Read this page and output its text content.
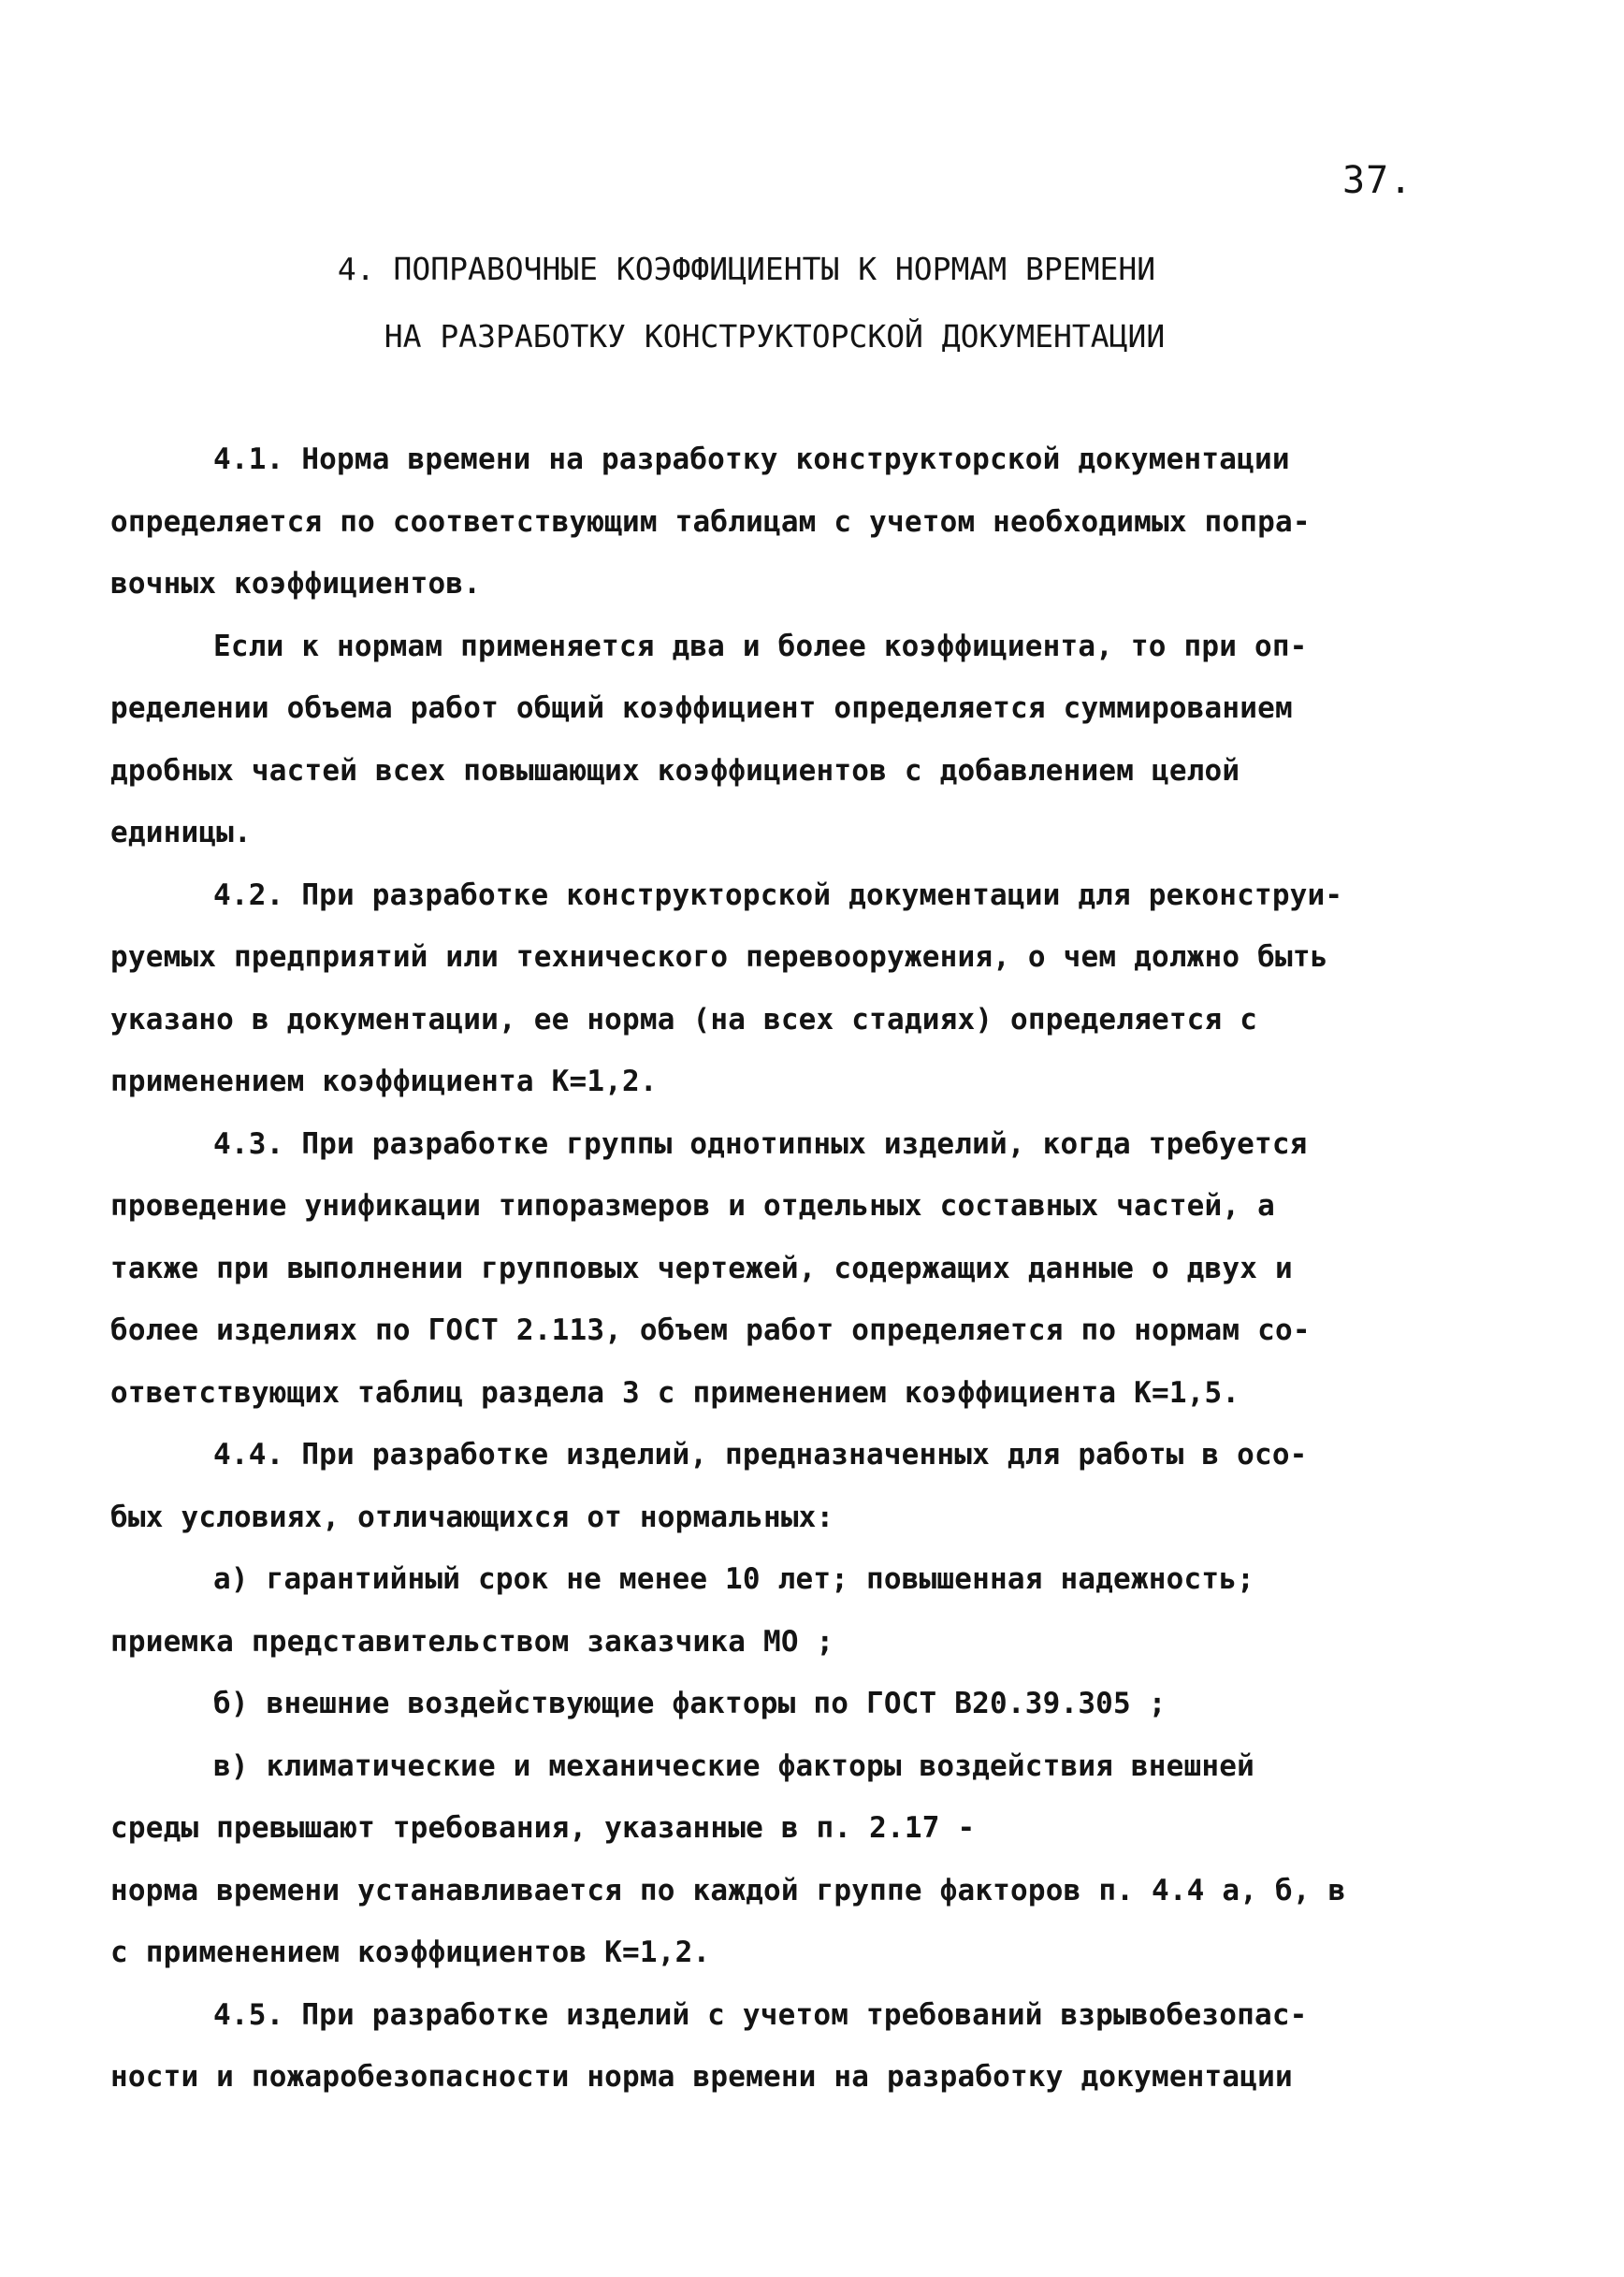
37.
4. ПОПРАВОЧНЫЕ КОЭФФИЦИЕНТЫ К НОРМАМ ВРЕМЕНИ
НА РАЗРАБОТКУ КОНСТРУКТОРСКОЙ ДОКУМЕНТАЦИИ
4.1. Норма времени на разработку конструкторской документации
определяется по соответствующим таблицам с учетом необходимых попра-
вочных коэффициентов.
Если к нормам применяется два и более коэффициента, то при оп-
ределении объема работ общий коэффициент определяется суммированием
дробных частей всех повышающих коэффициентов с добавлением целой
единицы.
4.2. При разработке конструкторской документации для реконструи-
руемых предприятий или технического перевооружения, о чем должно быть
указано в документации, ее норма (на всех стадиях) определяется с
применением коэффициента К=1,2.
4.3. При разработке группы однотипных изделий, когда требуется
проведение унификации типоразмеров и отдельных составных частей, а
также при выполнении групповых чертежей, содержащих данные о двух и
более изделиях по ГОСТ 2.113, объем работ определяется по нормам со-
ответствующих таблиц раздела 3 с применением коэффициента К=1,5.
4.4. При разработке изделий, предназначенных для работы в осо-
бых условиях, отличающихся от нормальных:
а) гарантийный срок не менее 10 лет; повышенная надежность;
приемка представительством заказчика МО ;
б) внешние воздействующие факторы по ГОСТ В20.39.305 ;
в) климатические и механические факторы воздействия внешней
среды превышают требования, указанные в п. 2.17 -
норма времени устанавливается по каждой группе факторов п. 4.4 а, б, в
с применением коэффициентов К=1,2.
4.5. При разработке изделий с учетом требований взрывобезопас-
ности и пожаробезопасности норма времени на разработку документации
